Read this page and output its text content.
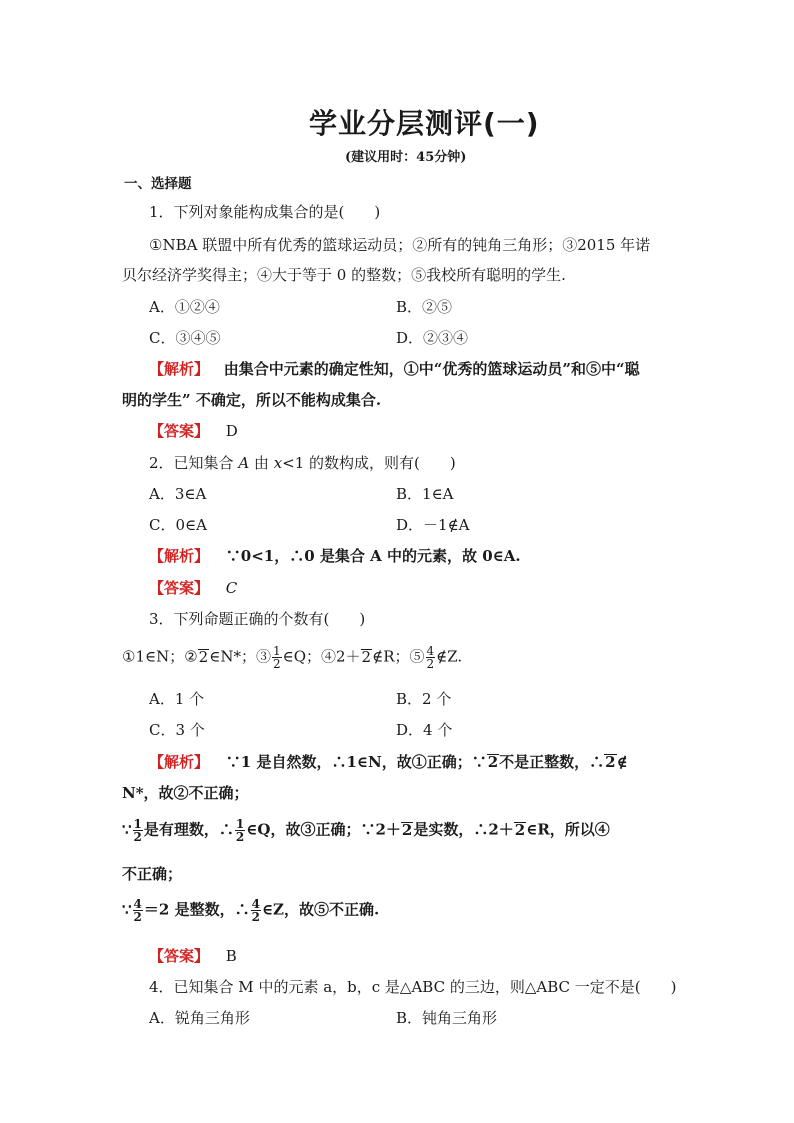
学业分层测评(一)
(建议用时：45分钟)
一、选择题
1．下列对象能构成集合的是(　　)
①NBA 联盟中所有优秀的篮球运动员；②所有的钝角三角形；③2015 年诺
贝尔经济学奖得主；④大于等于 0 的整数；⑤我校所有聪明的学生.
A．①②④	B．②⑤
C．③④⑤	D．②③④
【解析】 由集合中元素的确定性知，①中“优秀的篮球运动员”和⑤中“聪
明的学生” 不确定，所以不能构成集合.
【答案】 D
2．已知集合 A 由 x<1 的数构成，则有(　　)
A．3∈A	B．1∈A
C．0∈A	D．－1∉A
【解析】 ∵0<1，∴0 是集合 A 中的元素，故 0∈A.
【答案】 C
3．下列命题正确的个数有(　　)
①1∈N；②2∈N*；③ $\frac{1}{2}$ ∈Q；④2＋2∉R；⑤ $\frac{4}{2}$ ∉Z.
A．1 个	B．2 个
C．3 个	D．4 个
【解析】 ∵1 是自然数，∴1∈N，故①正确；∵2不是正整数，∴2∉
N*，故②不正确；
∵ $\frac{1}{2}$ 是有理数，∴ $\frac{1}{2}$ ∈Q，故③正确；∵2＋2是实数，∴2＋2∈R，所以④
不正确；
∵ $\frac{4}{2} =2$ 是整数，∴ $\frac{4}{2}$ ∈Z，故⑤不正确.
【答案】 B
4．已知集合 M 中的元素 a，b，c 是△ABC 的三边，则△ABC 一定不是(　　)
A．锐角三角形	B．钝角三角形
